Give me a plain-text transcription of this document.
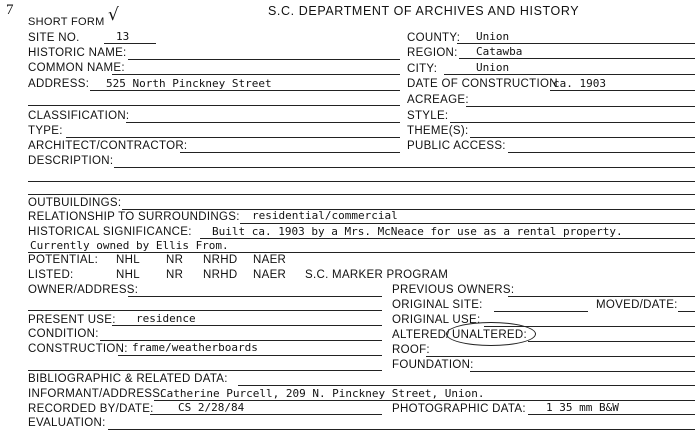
7
SHORT FORM √	S.C. DEPARTMENT OF ARCHIVES AND HISTORY
SITE NO.	13
HISTORIC NAME:
COMMON NAME:
ADDRESS: 525 North Pinckney Street
COUNTY: Union
REGION: Catawba
CITY:	Union
DATE OF CONSTRUCTION
ca. 1903
ACREAGE:
CLASSIFICATION:	STYLE:
TYPE:	THEME(S):
ARCHITECT/CONTRACTOR:	PUBLIC ACCESS:
DESCRIPTION:
OUTBUILDINGS:
RELATIONSHIP TO SURROUNDINGS: residential/commercial
HISTORICAL SIGNIFICANCE: Built ca. 1903 by a Mrs. McNeace for use as a rental property.
Currently owned by Ellis From.
POTENTIAL: NHL NR NRHD NAER
LISTED:	NHL NR NRHD NAER S.C. MARKER PROGRAM
OWNER/ADDRESS:	PREVIOUS OWNERS:
ORIGINAL SITE:	MOVED/DATE:
PRESENT USE: residence	ORIGINAL USE:
CONDITION:	ALTERED/ UNALTERED:
CONSTRUCTION: frame/weatherboards	ROOF:
FOUNDATION:
BIBLIOGRAPHIC & RELATED DATA:
INFORMANT/ADDRESS:
Catherine Purcell, 209 N. Pinckney Street, Union.
RECORDED BY/DATE: CS 2/28/84	PHOTOGRAPHIC DATA: 1 35 mm B&W
EVALUATION:
